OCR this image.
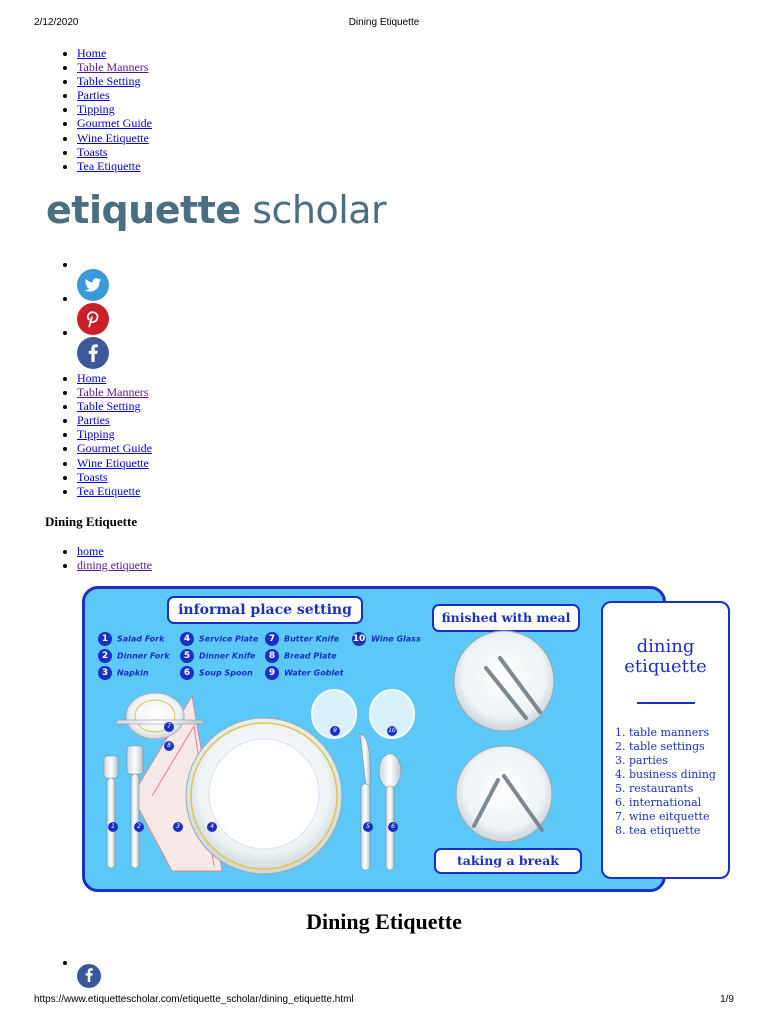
2/12/2020	Dining Etiquette
• Home
• Table Manners
• Table Setting
• Parties
• Tipping
• Gourmet Guide
• Wine Etiquette
• Toasts
• Tea Etiquette
etiquette scholar
•
•
•
• Home
• Table Manners
• Table Setting
• Parties
• Tipping
• Gourmet Guide
• Wine Etiquette
• Toasts
• Tea Etiquette
Dining Etiquette
• home
• dining etiquette
informal place setting	finished with meal
taking a break
1 Salad Fork
2 Dinner Fork
3 Napkin
4 Service Plate
5 Dinner Knife
6 Soup Spoon
7 Butter Knife
8 Bread Plate
9 Water Goblet
10 Wine Glass
1	2	3	4	5	6
7
8
9	10
dining
etiquette
1. table manners
2. table settings
3. parties
4. business dining
5. restaurants
6. international
7. wine eitquette
8. tea etiquette
Dining Etiquette
•
https://www.etiquettescholar.com/etiquette_scholar/dining_etiquette.html	1/9
